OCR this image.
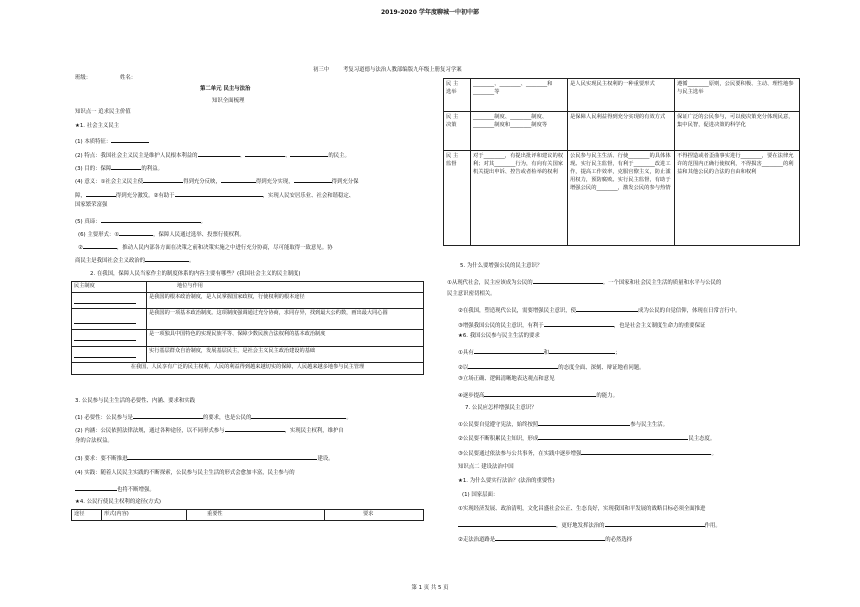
2019-2020 学年度聊城一中初中部
班级：	姓名：
初三中	考复习道德与法治人教部编版九年级上册复习学案
第二单元 民主与法治
知识全面梳理
知识点一 追求民主价值
★1. 社会主义民主
(1) 本质特征：
(2) 特点：我国社会主义民主是维护人民根本利益的	、	、	的民主。
(3) 目的：保障	的利益。
(4) 意义：①社会主义民主使	得到充分反映，	得到充分实现，	得到充分保
障，	得到充分激发。②有助于	，实现人民安居乐业、社会和谐稳定、
国家繁荣富强
(5) 真谛：	。
(6) 主要形式：①	，保障人民通过选举、投票行使权利。
②	，推动人民内部各方面在决策之前和决策实施之中进行充分协商，尽可能取得一致意见。协
商民主是我国社会主义政治的	。
2. 在我国，保障人民当家作主的制度体系的内容主要有哪些？(我国社会主义的民主制度)
民主制度	地位与作用
	是我国的根本政治制度，是人民掌握国家政权，行使权利的根本途径
	是我国的一项基本政治制度。这项制度强调通过充分协商，求同存异，找到最大公约数，画出最大同心圆
	是一项独具中国特色的实现民族平等、保障少数民族合法权利的基本政治制度
	实行基层群众自治制度，发展基层民主，是社会主义民主政治建设的基础
在我国，人民享有广泛的民主权利，人民的利益得到越来越切实的保障，人民越来越多地参与民主管理	
3. 公民参与民主生活的必要性、内涵、要求和实践
(1) 必要性：公民参与是	的要求，也是公民的	。
(2) 内涵：公民依照法律法规，通过各种途径，以不同形式参与	，实现民主权利，维护自
身的合法权益。
(3) 要求：要不断推进	建设。
(4) 实践：随着人民民主实践的不断探索，公民参与民主生活的形式会愈加丰富，民主参与的
也将不断增强。
★4. 公民行使民主权利的途径(方式)
途径	形式(内容)	重要性	要求
民 主
选举	________、________、________和________等	是人民实现民主权利的一种重要形式	遵循________原则，公民要积极、主动、理性地参与民主选举
民 主
决策	________制度、________制度、________制度和________制度等	是保障人民利益得到充分实现的有效方式	保证广泛的公民参与，可以使决策充分体现民意，集中民智，促进决策的科学化
民 主
监督	对于________，有提出批评和建议的权利；对其________行为，有向有关国家机关提出申诉、控告或者检举的权利	公民参与民主生活、行使________的具体体现。实行民主监督，有利于________改进工作，提高工作效率，克服官僚主义，防止滥用权力，预防腐败。实行民主监督，有助于增强公民的________，激发公民的参与热情	不得捏造或者歪曲事实进行________，要在法律允许的范围内正确行使权利，不得损害________的利益和其他公民的合法的自由和权利
5. 为什么要增强公民的民主意识？
①从现代社会，民主应该成为公民的	。一个国家和社会民主生活的质量和水平与公民的
民主意识密切相关。
②在我国，塑造现代公民，需要增强民主意识，使	成为公民的自觉信仰，体现在日常言行中。
③增强我国公民的民主意识，有利于	，也是社会主义制度生命力的重要保证
★6. 我国公民参与民主生活的要求
①具有	和	；
②以	的态度全面、深刻、辩证地看问题。
③立场正确、逻辑清晰地表达观点和意见
④逐步提高	的能力。
7. 公民应怎样增强民主意识？
①公民要自觉遵守宪法，始终按照	参与民主生活。
②公民要不断积累民主知识，形成	民主态度。
③公民要通过依法参与公共事务，在实践中逐步增强	。
知识点二 建设法治中国
★1. 为什么要实行法治？(法治的重要性)
(1) 国家层面：
①实现经济发展、政治清明，文化昌盛社会公正、生态良好，实现我国和平发展的战略目标必须全面推进
，更好地发挥法治的	作用。
②走法治道路是	的必然选择
第 1 页 共 5 页
